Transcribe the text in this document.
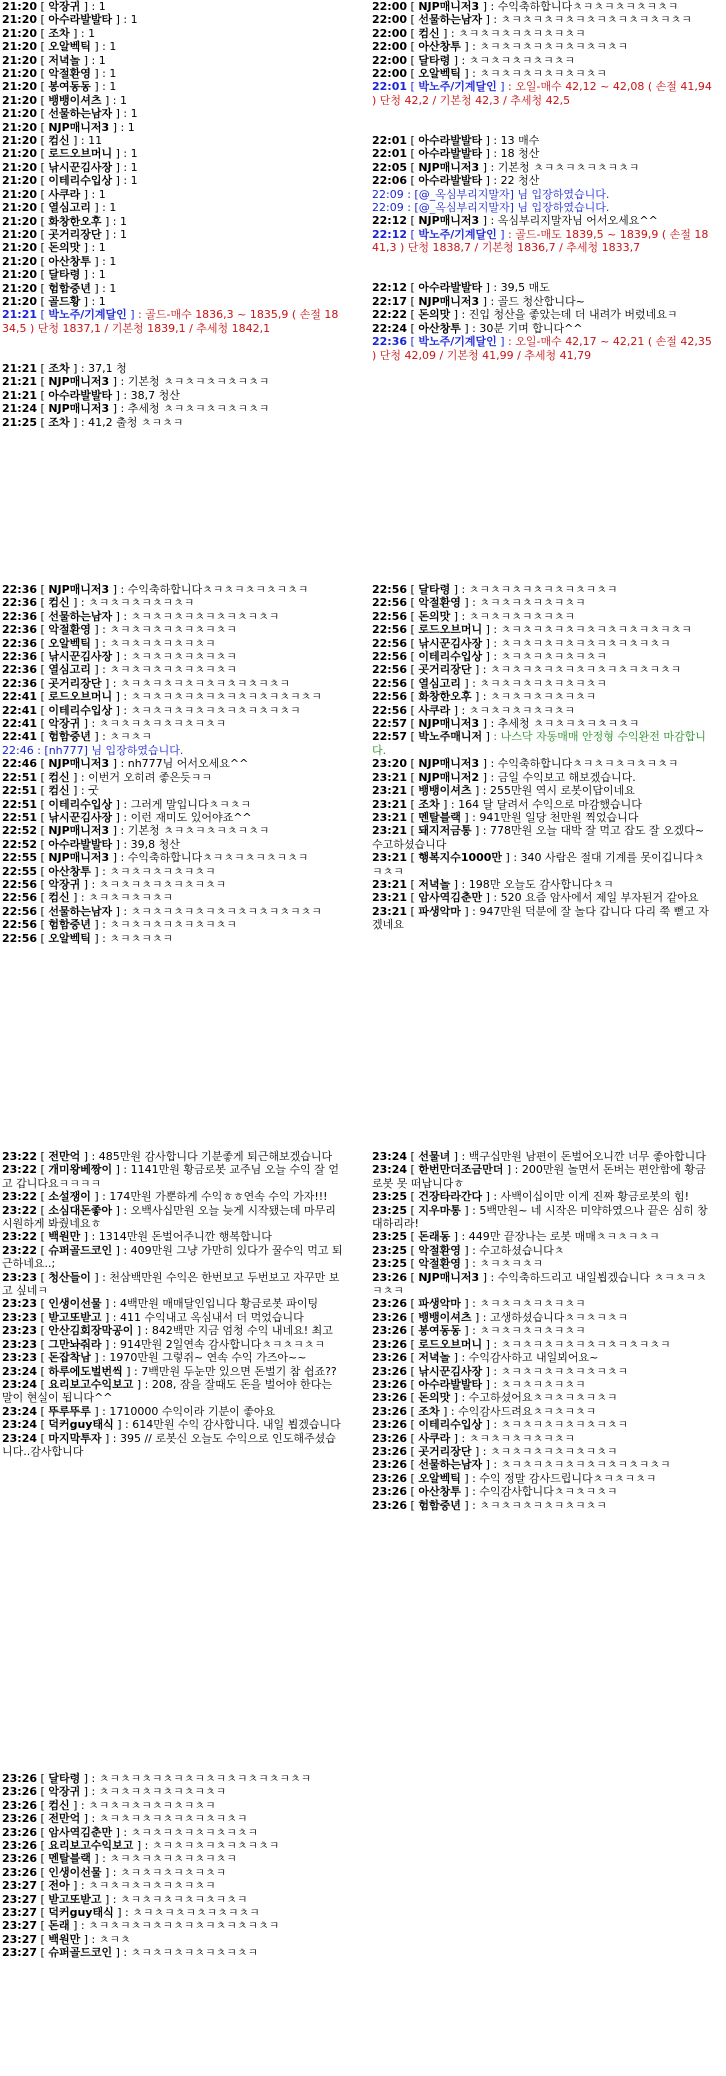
21:20 [ 악장귀 ] : 1
21:20 [ 아수라발발타 ] : 1
21:20 [ 조차 ] : 1
21:20 [ 오알벡틱 ] : 1
21:20 [ 저녁놀 ] : 1
21:20 [ 악절환영 ] : 1
21:20 [ 봉여동동 ] : 1
21:20 [ 뱅뱅이셔츠 ] : 1
21:20 [ 선물하는남자 ] : 1
21:20 [ NJP매니저3 ] : 1
21:20 [ 컴신 ] : 11
21:20 [ 로드오브머니 ] : 1
21:20 [ 낚시꾼김사장 ] : 1
21:20 [ 이테리수입상 ] : 1
21:20 [ 사쿠라 ] : 1
21:20 [ 열심고리 ] : 1
21:20 [ 화창한오후 ] : 1
21:20 [ 곳거리장단 ] : 1
21:20 [ 돈의맛 ] : 1
21:20 [ 아산창투 ] : 1
21:20 [ 달타령 ] : 1
21:20 [ 험함중년 ] : 1
21:20 [ 골드황 ] : 1
21:21 [ 박노주/기계달인 ] : 골드-매수 1836,3 ~ 1835,9 ( 손절 1834,5 ) 단청 1837,1 / 기본청 1839,1 / 추세청 1842,1
21:21 [ 조차 ] : 37,1 청
21:21 [ NJP매니저3 ] : 기본청 ㅊㅋㅊㅋㅊㅋㅊㅋㅊㅋ
21:21 [ 아수라발발타 ] : 38,7 청산
21:24 [ NJP매니저3 ] : 추세청 ㅊㅋㅊㅋㅊㅋㅊㅋㅊㅋ
21:25 [ 조차 ] : 41,2 출청 ㅊㅋㅊㅋ
22:00 [ NJP매니저3 ] : 수익축하합니다ㅊㅋㅊㅋㅊㅋㅊㅋㅊㅋ
22:00 [ 선물하는남자 ] : ㅊㅋㅊㅋㅊㅋㅊㅋㅊㅋㅊㅋㅊㅋㅊㅋㅊㅋ
22:00 [ 컴신 ] : ㅊㅋㅊㅋㅊㅋㅊㅋㅊㅋㅊㅋ
22:00 [ 아산창투 ] : ㅊㅋㅊㅋㅊㅋㅊㅋㅊㅋㅊㅋㅊㅋ
22:00 [ 달타령 ] : ㅊㅋㅊㅋㅊㅋㅊㅋㅊㅋ
22:00 [ 오알벡틱 ] : ㅊㅋㅊㅋㅊㅋㅊㅋㅊㅋㅊㅋ
22:01 [ 박노주/기계달인 ] : 오일-매수 42,12 ~ 42,08 ( 손절 41,94 ) 단청 42,2 / 기본청 42,3 / 추세청 42,5
22:01 [ 아수라발발타 ] : 13 매수
22:01 [ 아수라발발타 ] : 18 청산
22:05 [ NJP매니저3 ] : 기본청 ㅊㅋㅊㅋㅊㅋㅊㅋㅊㅋ
22:06 [ 아수라발발타 ] : 22 청산
22:09 : [@_옥심부리지말자] 님 입장하였습니다.
22:09 : [@_옥심부리지말자] 님 입장하였습니다.
22:12 [ NJP매니저3 ] : 옥심부리지말자님 어서오세요^^
22:12 [ 박노주/기계달인 ] : 골드-매도 1839,5 ~ 1839,9 ( 손절 1841,3 ) 단청 1838,7 / 기본청 1836,7 / 추세청 1833,7
22:12 [ 아수라발발타 ] : 39,5 매도
22:17 [ NJP매니저3 ] : 골드 청산합니다~
22:22 [ 돈의맛 ] : 진입 청산을 좋았는데 더 내려가 버렸네요ㅋ
22:24 [ 아산창투 ] : 30분 기며 합니다^^
22:36 [ 박노주/기계달인 ] : 오일-매수 42,17 ~ 42,21 ( 손절 42,35 ) 단청 42,09 / 기본청 41,99 / 추세청 41,79
22:36 [ NJP매니저3 ] : 수익축하합니다ㅊㅋㅊㅋㅊㅋㅊㅋㅊㅋ
22:36 [ 컴신 ] : ㅊㅋㅊㅋㅊㅋㅊㅋㅊㅋ
22:36 [ 선물하는남자 ] : ㅊㅋㅊㅋㅊㅋㅊㅋㅊㅋㅊㅋㅊㅋ
22:36 [ 악절환영 ] : ㅊㅋㅊㅋㅊㅋㅊㅋㅊㅋㅊㅋ
22:36 [ 오알벡틱 ] : ㅊㅋㅊㅋㅊㅋㅊㅋㅊㅋ
22:36 [ 낚시꾼김사장 ] : ㅊㅋㅊㅋㅊㅋㅊㅋㅊㅋ
22:36 [ 열심고리 ] : ㅊㅋㅊㅋㅊㅋㅊㅋㅊㅋㅊㅋ
22:36 [ 곳거리장단 ] : ㅊㅋㅊㅋㅊㅋㅊㅋㅊㅋㅊㅋㅊㅋㅊㅋ
22:41 [ 로드오브머니 ] : ㅊㅋㅊㅋㅊㅋㅊㅋㅊㅋㅊㅋㅊㅋㅊㅋㅊㅋ
22:41 [ 이테리수입상 ] : ㅊㅋㅊㅋㅊㅋㅊㅋㅊㅋㅊㅋㅊㅋㅊㅋ
22:41 [ 악장귀 ] : ㅊㅋㅊㅋㅊㅋㅊㅋㅊㅋㅊㅋ
22:41 [ 험함중년 ] : ㅊㅋㅊㅋ
22:46 : [nh777] 님 입장하였습니다.
22:46 [ NJP매니저3 ] : nh777님 어서오세요^^
22:51 [ 컴신 ] : 이번거 오히려 좋은듯ㅋㅋ
22:51 [ 컴신 ] : 굿
22:51 [ 이테리수입상 ] : 그러게 말입니다ㅊㅋㅊㅋ
22:51 [ 낚시꾼김사장 ] : 이런 재미도 있어야죠^^
22:52 [ NJP매니저3 ] : 기본청 ㅊㅋㅊㅋㅊㅋㅊㅋㅊㅋ
22:52 [ 아수라발발타 ] : 39,8 청산
22:55 [ NJP매니저3 ] : 수익축하합니다ㅊㅋㅊㅋㅊㅋㅊㅋㅊㅋ
22:55 [ 아산창투 ] : ㅊㅋㅊㅋㅊㅋㅊㅋㅊㅋ
22:56 [ 악장귀 ] : ㅊㅋㅊㅋㅊㅋㅊㅋㅊㅋㅊㅋ
22:56 [ 컴신 ] : ㅊㅋㅊㅋㅊㅋㅊㅋ
22:56 [ 선물하는남자 ] : ㅊㅋㅊㅋㅊㅋㅊㅋㅊㅋㅊㅋㅊㅋㅊㅋㅊㅋ
22:56 [ 험함중년 ] : ㅊㅋㅊㅋㅊㅋㅊㅋㅊㅋㅊㅋ
22:56 [ 오알벡틱 ] : ㅊㅋㅊㅋㅊㅋ
22:56 [ 달타령 ] : ㅊㅋㅊㅋㅊㅋㅊㅋㅊㅋㅊㅋㅊㅋ
22:56 [ 악절환영 ] : ㅊㅋㅊㅋㅊㅋㅊㅋㅊㅋ
22:56 [ 돈의맛 ] : ㅊㅋㅊㅋㅊㅋㅊㅋㅊㅋ
22:56 [ 로드오브머니 ] : ㅊㅋㅊㅋㅊㅋㅊㅋㅊㅋㅊㅋㅊㅋㅊㅋㅊㅋ
22:56 [ 낚시꾼김사장 ] : ㅊㅋㅊㅋㅊㅋㅊㅋㅊㅋㅊㅋㅊㅋㅊㅋ
22:56 [ 이테리수입상 ] : ㅊㅋㅊㅋㅊㅋㅊㅋㅊㅋ
22:56 [ 곳거리장단 ] : ㅊㅋㅊㅋㅊㅋㅊㅋㅊㅋㅊㅋㅊㅋㅊㅋㅊㅋ
22:56 [ 열심고리 ] : ㅊㅋㅊㅋㅊㅋㅊㅋㅊㅋㅊㅋ
22:56 [ 화창한오후 ] : ㅊㅋㅊㅋㅊㅋㅊㅋㅊㅋ
22:56 [ 사쿠라 ] : ㅊㅋㅊㅋㅊㅋㅊㅋㅊㅋ
22:57 [ NJP매니저3 ] : 추세청 ㅊㅋㅊㅋㅊㅋㅊㅋㅊㅋ
22:57 [ 박노주매니저 ] : 나스닥 자동매매 안정형 수익완전 마감합니다.
23:20 [ NJP매니저3 ] : 수익축하합니다ㅊㅋㅊㅋㅊㅋㅊㅋㅊㅋ
23:21 [ NJP매니저2 ] : 금일 수익보고 해보겠습니다.
23:21 [ 뱅뱅이셔츠 ] : 255만원 역시 로봇이답이네요
23:21 [ 조차 ] : 164 달 달려서 수익으로 마감했습니다
23:21 [ 멘탈블랙 ] : 941만원 일당 천만원 찍었습니다
23:21 [ 돼지저금통 ] : 778만원 오늘 대박 잘 먹고 잡도 잘 오겠다~수고하셨습니다
23:21 [ 행복지수1000만 ] : 340 사람은 절대 기계를 못이깁니다ㅊㅋㅊㅋ
23:21 [ 저녁놀 ] : 198만 오늘도 감사합니다ㅊㅋ
23:21 [ 암사역김춘만 ] : 520 요즘 암사에서 제일 부자된거 같아요
23:21 [ 파생악마 ] : 947만원 덕분에 잘 놀다 갑니다 다리 쭉 뻗고 자겠네요
23:22 [ 전만억 ] : 485만원 감사합니다 기분좋게 퇴근해보겠습니다
23:22 [ 개미왕베짱이 ] : 1141만원 황금로봇 교주님 오늘 수익 잘 얻고 갑니다요ㅋㅋㅋㅋ
23:22 [ 소설쟁이 ] : 174만원 가뿐하게 수익ㅎㅎ연속 수익 가자!!!
23:22 [ 소심대돈좋아 ] : 오백사십만원 오늘 늦게 시작됐는데 마무리 시원하게 봐줬네요ㅎ
23:22 [ 백원만 ] : 1314만원 돈벌어주니깐 행복합니다
23:22 [ 슈퍼골드코인 ] : 409만원 그냥 가만히 있다가 꿀수익 먹고 퇴근하네요..;
23:23 [ 청산들이 ] : 천삼백만원 수익은 한번보고 두번보고 자꾸만 보고 싶네ㅋ
23:23 [ 인생이선물 ] : 4백만원 매매달인입니다 황금로봇 파이팅
23:23 [ 받고또받고 ] : 411 수익내고 옥심내서 더 먹었습니다
23:23 [ 안산김회장막공이 ] : 842백만 지금 엄청 수익 내네요! 최고
23:23 [ 그만놔줘라 ] : 914만원 2일연속 감사합니다ㅊㅋㅊㅋㅊㅋ
23:23 [ 돈잡착남 ] : 1970만원 그렇쥐~ 연속 수익 가즈아~~
23:24 [ 하루에도벌번씩 ] : 7백만원 두눈만 있으면 돈벌기 참 쉽죠??
23:24 [ 요리보고수익보고 ] : 208, 잠을 잘때도 돈을 벌어야 한다는 말이 현실이 됩니다^^
23:24 [ 뚜루뚜루 ] : 1710000 수익이라 기분이 좋아요
23:24 [ 덕커guy태식 ] : 614만원 수익 감사합니다. 내일 뵙겠습니다
23:24 [ 마지막투자 ] : 395 // 로봇신 오늘도 수익으로 인도해주셨습니다..감사합니다
23:24 [ 선물녀 ] : 백구십만원 남편이 돈벌어오니깐 너무 좋아합니다
23:24 [ 한번만더조금만더 ] : 200만원 놀면서 돈버는 편안함에 황금로봇 못 떠납니다ㅎ
23:25 [ 건장타라간다 ] : 사백이십이만 이게 진짜 황금로봇의 힘!
23:25 [ 지우마통 ] : 5백만원~ 네 시작은 미약하였으나 끝은 심히 창대하리라!
23:25 [ 돈래동 ] : 449만 끝장나는 로봇 매매ㅊㅋㅊㅋㅊㅋ
23:25 [ 악절환영 ] : 수고하셨습니다ㅊ
23:25 [ 악절환영 ] : ㅊㅋㅊㅋㅊㅋ
23:26 [ NJP매니저3 ] : 수익축하드리고 내일뵙겠습니다 ㅊㅋㅊㅋㅊㅋㅊㅋ
23:26 [ 파생악마 ] : ㅊㅋㅊㅋㅊㅋㅊㅋㅊㅋ
23:26 [ 뱅뱅이셔츠 ] : 고생하셨습니다ㅊㅋㅊㅋㅊㅋ
23:26 [ 봉여동동 ] : ㅊㅋㅊㅋㅊㅋㅊㅋㅊㅋ
23:26 [ 로드오브머니 ] : ㅊㅋㅊㅋㅊㅋㅊㅋㅊㅋㅊㅋㅊㅋㅊㅋ
23:26 [ 저녁놀 ] : 수익감사하고 내일뵈어요~
23:26 [ 낚시꾼김사장 ] : ㅊㅋㅊㅋㅊㅋㅊㅋㅊㅋㅊㅋ
23:26 [ 아수라발발타 ] : ㅊㅋㅊㅋㅊㅋㅊㅋ
23:26 [ 돈의맛 ] : 수고하셨어요ㅊㅋㅊㅋㅊㅋㅊㅋ
23:26 [ 조차 ] : 수익감사드려요ㅊㅋㅊㅋㅊㅋ
23:26 [ 이테리수입상 ] : ㅊㅋㅊㅋㅊㅋㅊㅋㅊㅋㅊㅋ
23:26 [ 사쿠라 ] : ㅊㅋㅊㅋㅊㅋㅊㅋㅊㅋ
23:26 [ 곳거리장단 ] : ㅊㅋㅊㅋㅊㅋㅊㅋㅊㅋㅊㅋ
23:26 [ 선물하는남자 ] : ㅊㅋㅊㅋㅊㅋㅊㅋㅊㅋㅊㅋㅊㅋㅊㅋ
23:26 [ 오알벡틱 ] : 수익 정말 감사드립니다ㅊㅋㅊㅋㅊㅋ
23:26 [ 아산창투 ] : 수익감사합니다ㅊㅋㅊㅋㅊㅋ
23:26 [ 험함중년 ] : ㅊㅋㅊㅋㅊㅋㅊㅋㅊㅋㅊㅋ
23:26 [ 달타령 ] : ㅊㅋㅊㅋㅊㅋㅊㅋㅊㅋㅊㅋㅊㅋㅊㅋㅊㅋㅊㅋ
23:26 [ 악장귀 ] : ㅊㅋㅊㅋㅊㅋㅊㅋㅊㅋㅊㅋ
23:26 [ 컴신 ] : ㅊㅋㅊㅋㅊㅋㅊㅋㅊㅋㅊㅋ
23:26 [ 전만억 ] : ㅊㅋㅊㅋㅊㅋㅊㅋㅊㅋㅊㅋㅊㅋ
23:26 [ 암사역김춘만 ] : ㅊㅋㅊㅋㅊㅋㅊㅋㅊㅋㅊㅋ
23:26 [ 요리보고수익보고 ] : ㅊㅋㅊㅋㅊㅋㅊㅋㅊㅋㅊㅋ
23:26 [ 멘탈블랙 ] : ㅊㅋㅊㅋㅊㅋㅊㅋㅊㅋㅊㅋ
23:26 [ 인생이선물 ] : ㅊㅋㅊㅋㅊㅋㅊㅋㅊㅋ
23:27 [ 전아 ] : ㅊㅋㅊㅋㅊㅋㅊㅋㅊㅋㅊㅋ
23:27 [ 받고또받고 ] : ㅊㅋㅊㅋㅊㅋㅊㅋㅊㅋㅊㅋ
23:27 [ 덕커guy태식 ] : ㅊㅋㅊㅋㅊㅋㅊㅋㅊㅋㅊㅋ
23:27 [ 돈래 ] : ㅊㅋㅊㅋㅊㅋㅊㅋㅊㅋㅊㅋㅊㅋㅊㅋㅊㅋ
23:27 [ 백원만 ] : ㅊㅋㅊ
23:27 [ 슈퍼골드코인 ] : ㅊㅋㅊㅋㅊㅋㅊㅋㅊㅋㅊㅋ
